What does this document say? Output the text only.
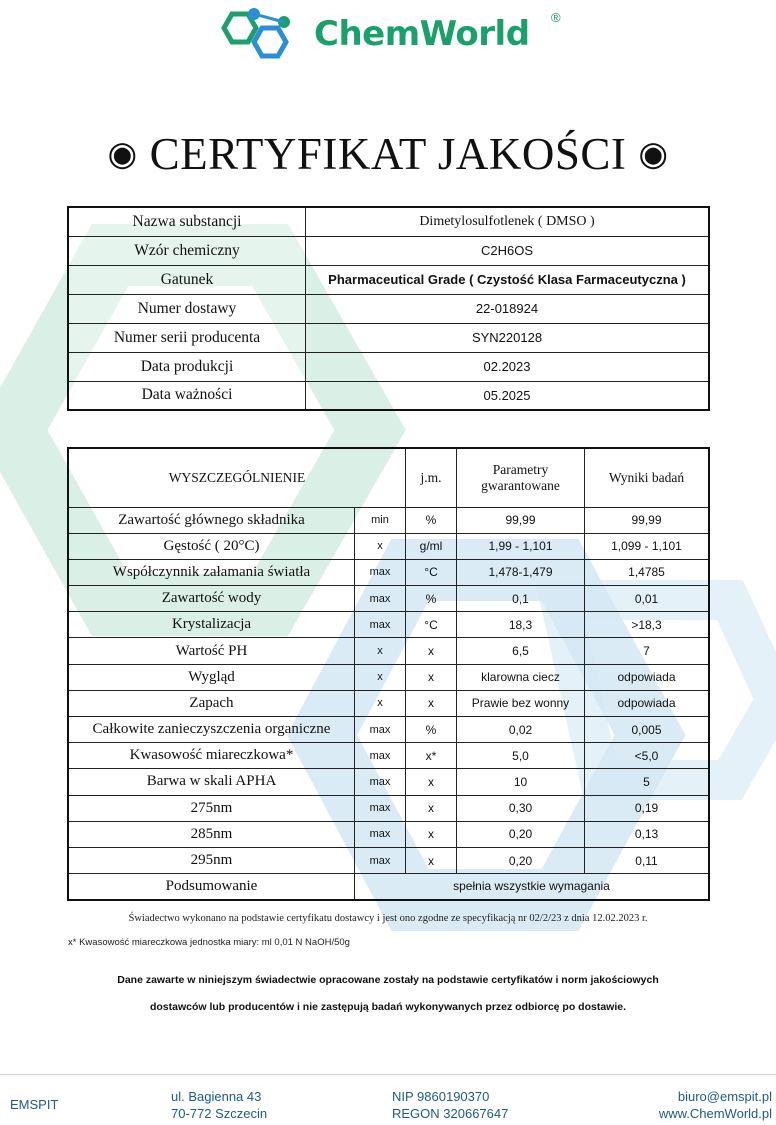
ChemWorld ®
◉ CERTYFIKAT JAKOŚCI ◉
Nazwa substancji	Dimetylosulfotlenek ( DMSO )
Wzór chemiczny	C2H6OS
Gatunek	Pharmaceutical Grade ( Czystość Klasa Farmaceutyczna )
Numer dostawy	22-018924
Numer serii producenta	SYN220128
Data produkcji	02.2023
Data ważności	05.2025
WYSZCZEGÓLNIENIE		j.m.	Parametry gwarantowane	Wyniki badań
Zawartość głównego składnika	min	%	99,99	99,99
Gęstość ( 20°C)	x	g/ml	1,99 - 1,101	1,099 - 1,101
Współczynnik załamania światła	max	°C	1,478-1,479	1,4785
Zawartość wody	max	%	0,1	0,01
Krystalizacja	max	°C	18,3	>18,3
Wartość PH	x	x	6,5	7
Wygląd	x	x	klarowna ciecz	odpowiada
Zapach	x	x	Prawie bez wonny	odpowiada
Całkowite zanieczyszczenia organiczne	max	%	0,02	0,005
Kwasowość miareczkowa*	max	x*	5,0	<5,0
Barwa w skali APHA	max	x	10	5
275nm	max	x	0,30	0,19
285nm	max	x	0,20	0,13
295nm	max	x	0,20	0,11
Podsumowanie	spełnia wszystkie wymagania			
Świadectwo wykonano na podstawie certyfikatu dostawcy i jest ono zgodne ze specyfikacją nr 02/2/23 z dnia 12.02.2023 r.
x* Kwasowość miareczkowa jednostka miary: ml 0,01 N NaOH/50g
Dane zawarte w niniejszym świadectwie opracowane zostały na podstawie certyfikatów i norm jakościowych
dostawców lub producentów i nie zastępują badań wykonywanych przez odbiorcę po dostawie.
EMSPIT
ul. Bagienna 43
70-772 Szczecin
NIP 9860190370
REGON 320667647
biuro@emspit.pl
www.ChemWorld.pl
